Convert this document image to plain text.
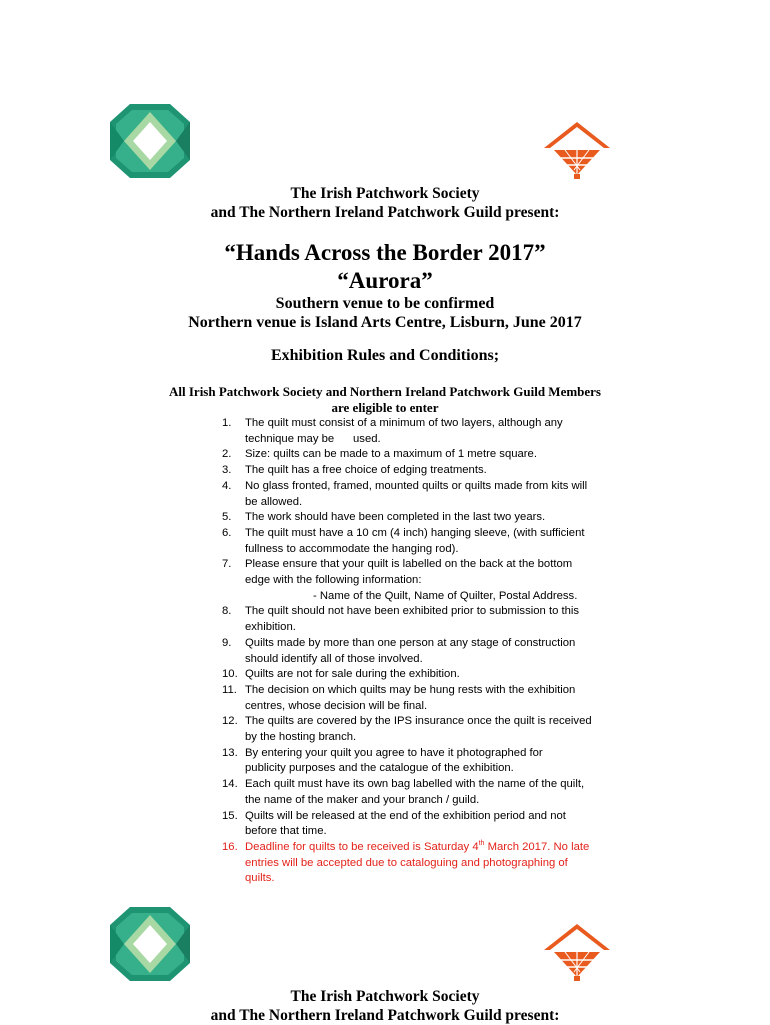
The Irish Patchwork Society
and The Northern Ireland Patchwork Guild present:
“Hands Across the Border 2017”
“Aurora”
Southern venue to be confirmed
Northern venue is Island Arts Centre, Lisburn, June 2017
Exhibition Rules and Conditions;
All Irish Patchwork Society and Northern Ireland Patchwork Guild Members
are eligible to enter
1. The quilt must consist of a minimum of two layers, although any
technique may be      used.
2. Size: quilts can be made to a maximum of 1 metre square.
3. The quilt has a free choice of edging treatments.
4. No glass fronted, framed, mounted quilts or quilts made from kits will
be allowed.
5. The work should have been completed in the last two years.
6. The quilt must have a 10 cm (4 inch) hanging sleeve, (with sufficient
fullness to accommodate the hanging rod).
7. Please ensure that your quilt is labelled on the back at the bottom
edge with the following information:

- Name of the Quilt, Name of Quilter, Postal Address.
8. The quilt should not have been exhibited prior to submission to this
exhibition.
9. Quilts made by more than one person at any stage of construction
should identify all of those involved.
10. Quilts are not for sale during the exhibition.
11. The decision on which quilts may be hung rests with the exhibition
centres, whose decision will be final.
12. The quilts are covered by the IPS insurance once the quilt is received
by the hosting branch.
13. By entering your quilt you agree to have it photographed for
publicity purposes and the catalogue of the exhibition.
14. Each quilt must have its own bag labelled with the name of the quilt,
the name of the maker and your branch / guild.
15. Quilts will be released at the end of the exhibition period and not
before that time.
16. Deadline for quilts to be received is Saturday 4th March 2017. No late
entries will be accepted due to cataloguing and photographing of
quilts.
The Irish Patchwork Society
and The Northern Ireland Patchwork Guild present:
